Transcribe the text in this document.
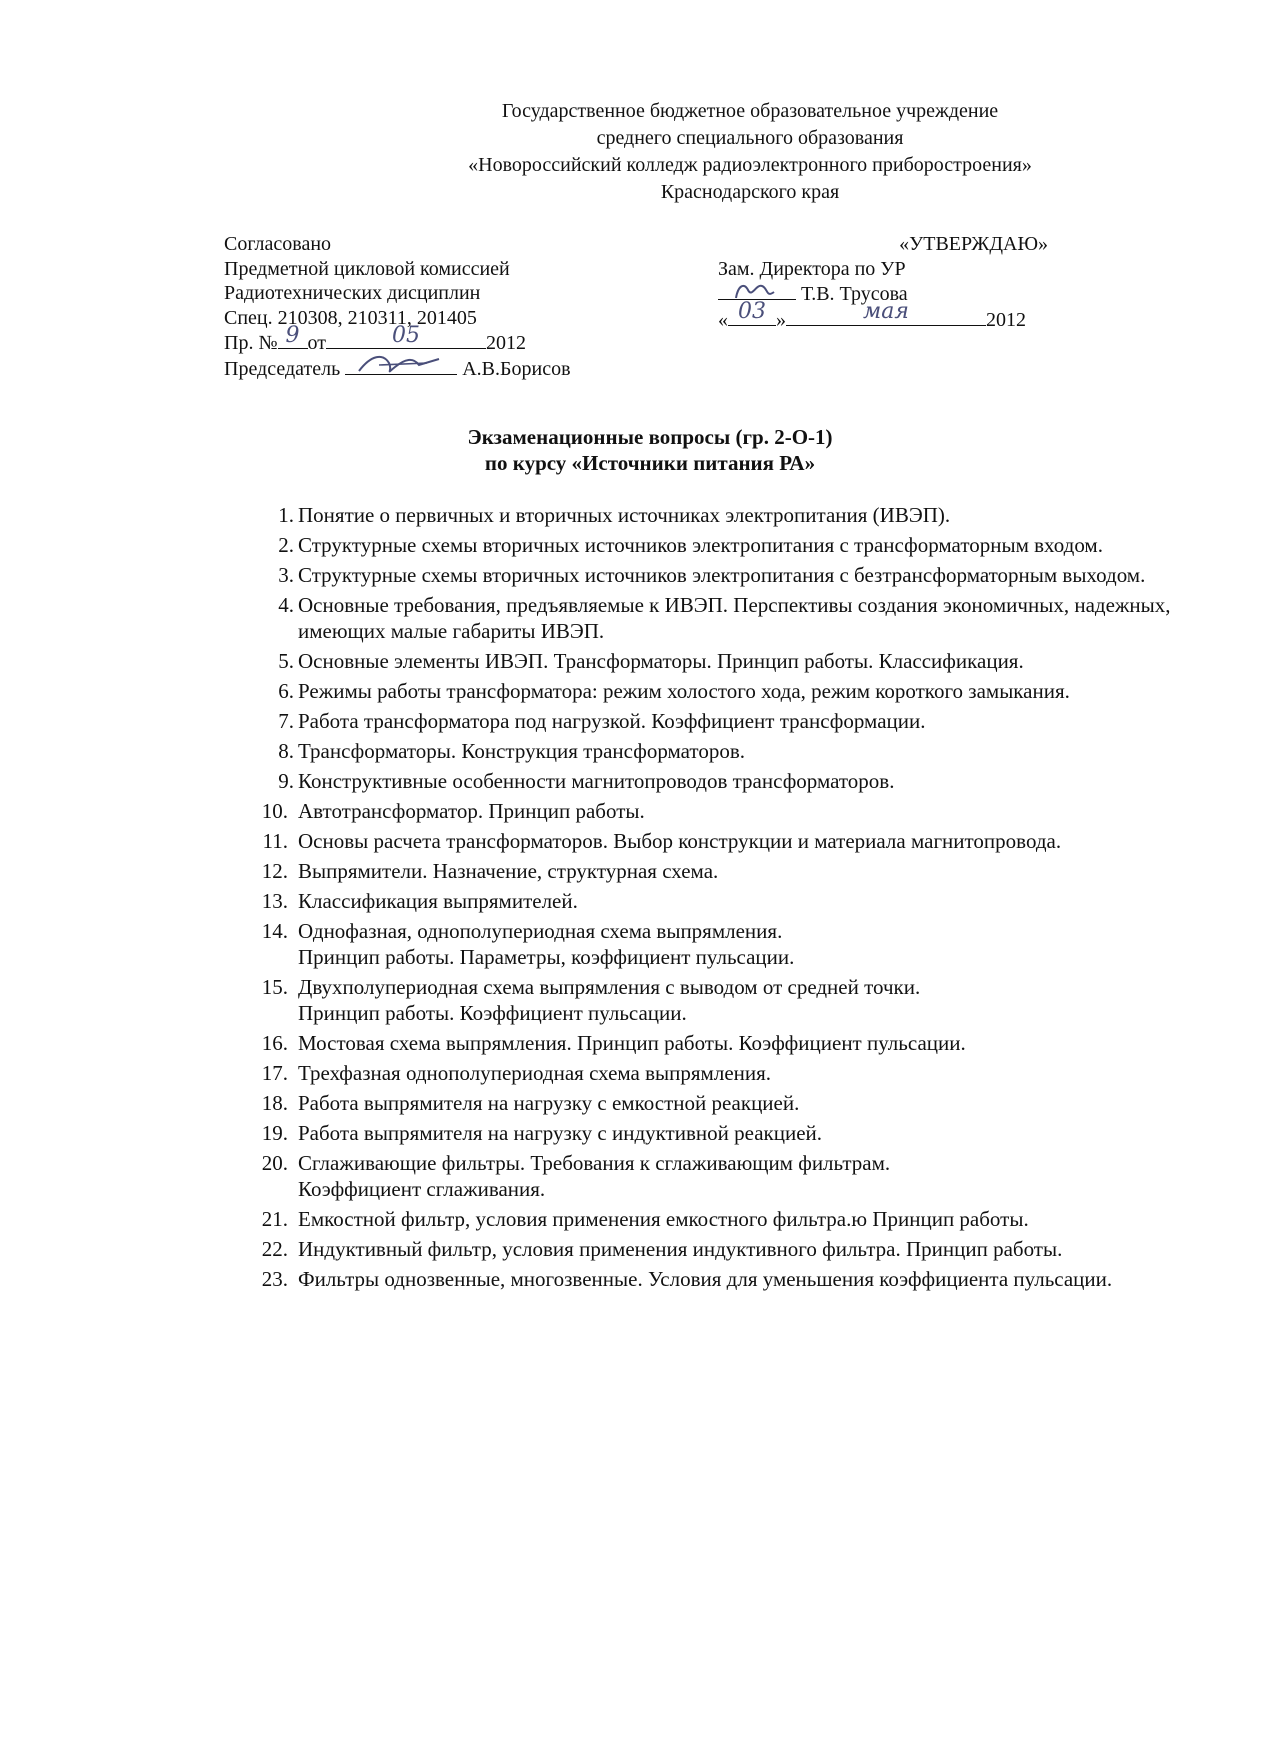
Государственное бюджетное образовательное учреждение
среднего специального образования
«Новороссийский колледж радиоэлектронного приборостроения»
Краснодарского края
Согласовано
Предметной цикловой комиссией
Радиотехнических дисциплин
Спец. 210308, 210311, 201405
Пр. № 9 от	05	2012
Председатель	А.В.Борисов
«УТВЕРЖДАЮ»
Зам. Директора по УР
Т.В. Трусова
« 03 »	мая	2012
Экзаменационные вопросы (гр. 2-О-1)
по курсу «Источники питания РА»
1. Понятие о первичных и вторичных источниках электропитания (ИВЭП).
2. Структурные схемы вторичных источников электропитания с трансформаторным входом.
3. Структурные схемы вторичных источников электропитания с безтрансформаторным выходом.
4. Основные требования, предъявляемые к ИВЭП. Перспективы создания экономичных, надежных, имеющих малые габариты ИВЭП.
5. Основные элементы ИВЭП. Трансформаторы. Принцип работы. Классификация.
6. Режимы работы трансформатора: режим холостого хода, режим короткого замыкания.
7. Работа трансформатора под нагрузкой. Коэффициент трансформации.
8. Трансформаторы. Конструкция трансформаторов.
9. Конструктивные особенности магнитопроводов трансформаторов.
10. Автотрансформатор. Принцип работы.
11. Основы расчета трансформаторов. Выбор конструкции и материала магнитопровода.
12. Выпрямители. Назначение, структурная схема.
13. Классификация выпрямителей.
14. Однофазная, однополупериодная схема выпрямления.
Принцип работы. Параметры, коэффициент пульсации.
15. Двухполупериодная схема выпрямления с выводом от средней точки.
Принцип работы. Коэффициент пульсации.
16. Мостовая схема выпрямления. Принцип работы. Коэффициент пульсации.
17. Трехфазная однополупериодная схема выпрямления.
18. Работа выпрямителя на нагрузку с емкостной реакцией.
19. Работа выпрямителя на нагрузку с индуктивной реакцией.
20. Сглаживающие фильтры. Требования к сглаживающим фильтрам.
Коэффициент сглаживания.
21. Емкостной фильтр, условия применения емкостного фильтра.ю Принцип работы.
22. Индуктивный фильтр, условия применения индуктивного фильтра. Принцип работы.
23. Фильтры однозвенные, многозвенные. Условия для уменьшения коэффициента пульсации.
